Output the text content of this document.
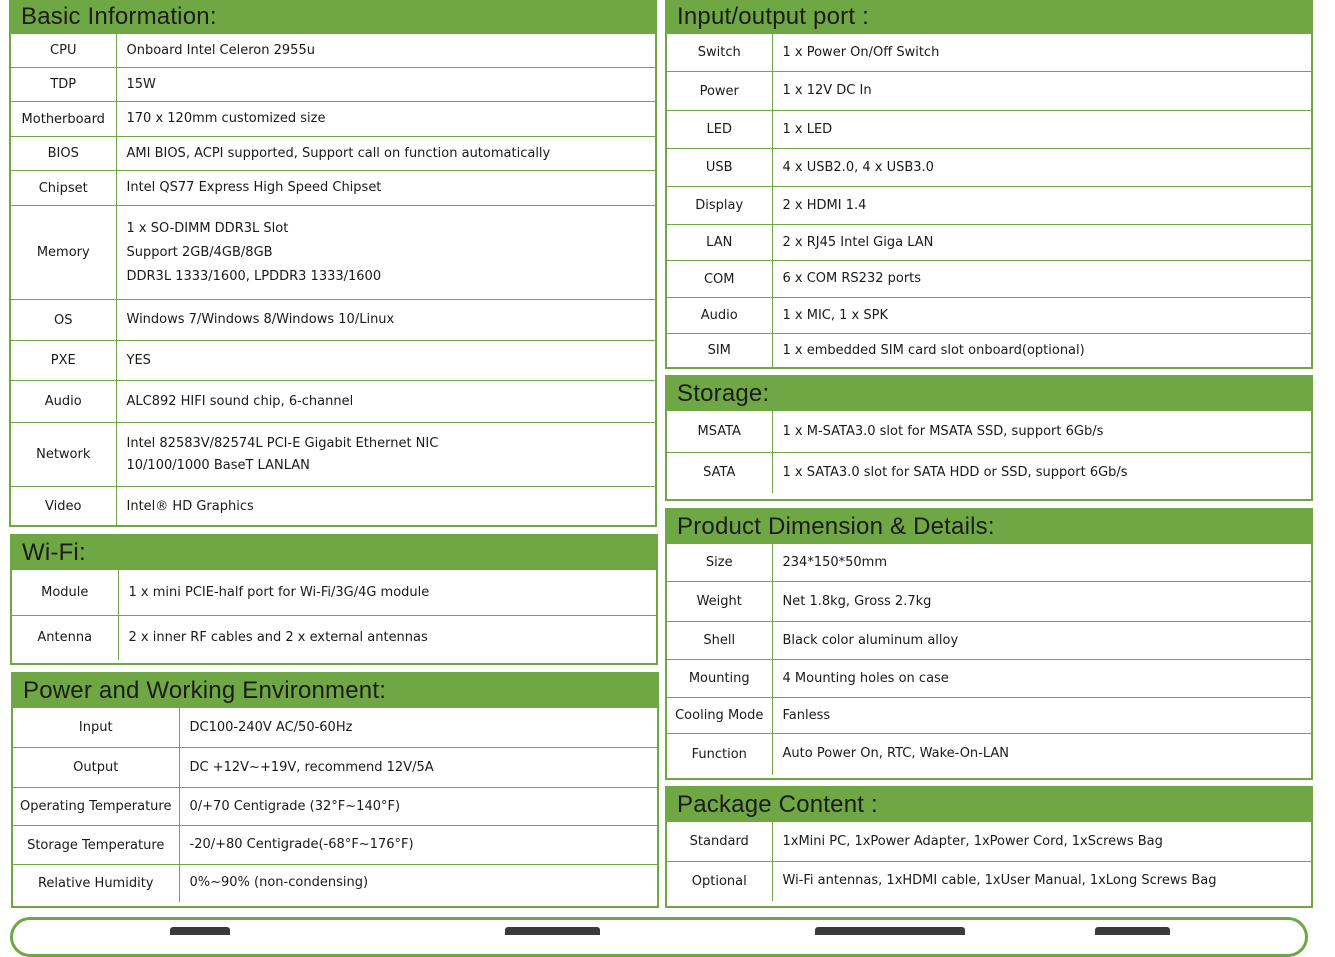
Basic Information:
CPU	Onboard Intel Celeron 2955u

TDP	15W

Motherboard	170 x 120mm customized size

BIOS	AMI BIOS, ACPI supported, Support call on function automatically

Chipset	Intel QS77 Express High Speed Chipset

Memory	1 x SO-DIMM DDR3L Slot
Support 2GB/4GB/8GB
DDR3L 1333/1600, LPDDR3 1333/1600

OS	Windows 7/Windows 8/Windows 10/Linux

PXE	YES

Audio	ALC892 HIFI sound chip, 6-channel

Network	Intel 82583V/82574L PCI-E Gigabit Ethernet NIC
10/100/1000 BaseT LANLAN

Video	Intel® HD Graphics
Wi-Fi:
Module	1 x mini PCIE-half port for Wi-Fi/3G/4G module

Antenna	2 x inner RF cables and 2 x external antennas
Power and Working Environment:
Input	DC100-240V AC/50-60Hz

Output	DC +12V~+19V, recommend 12V/5A

Operating Temperature	0/+70 Centigrade (32°F~140°F)

Storage Temperature	-20/+80 Centigrade(-68°F~176°F)

Relative Humidity	0%~90% (non-condensing)
Input/output port :
Switch	1 x Power On/Off Switch

Power	1 x 12V DC In

LED	1 x LED

USB	4 x USB2.0, 4 x USB3.0

Display	2 x HDMI 1.4

LAN	2 x RJ45 Intel Giga LAN

COM	6 x COM RS232 ports

Audio	1 x MIC, 1 x SPK

SIM	1 x embedded SIM card slot onboard(optional)
Storage:
MSATA	1 x M-SATA3.0 slot for MSATA SSD, support 6Gb/s

SATA	1 x SATA3.0 slot for SATA HDD or SSD, support 6Gb/s
Product Dimension & Details:
Size	234*150*50mm

Weight	Net 1.8kg, Gross 2.7kg

Shell	Black color aluminum alloy

Mounting	4 Mounting holes on case

Cooling Mode	Fanless

Function	Auto Power On, RTC, Wake-On-LAN
Package Content :
Standard	1xMini PC, 1xPower Adapter, 1xPower Cord, 1xScrews Bag

Optional	Wi-Fi antennas, 1xHDMI cable, 1xUser Manual, 1xLong Screws Bag
